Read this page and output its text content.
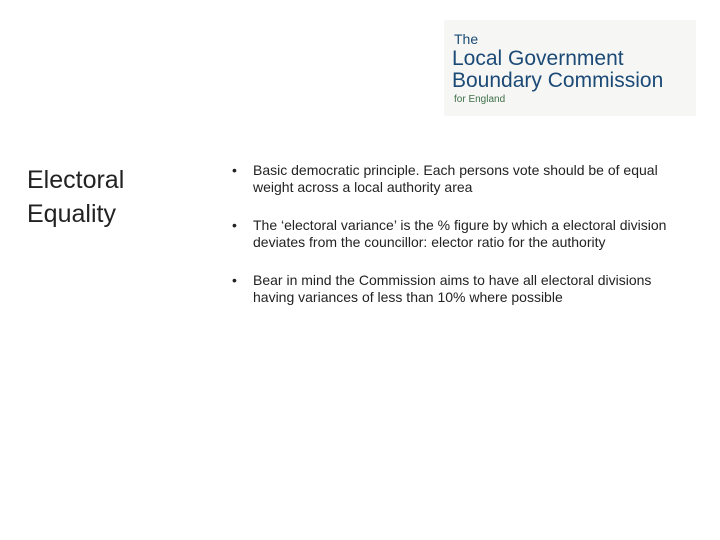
The
Local Government
Boundary Commission
for England
Electoral
Equality
• Basic democratic principle. Each persons vote should be of equal weight across a local authority area
• The ‘electoral variance’ is the % figure by which a electoral division deviates from the councillor: elector ratio for the authority
• Bear in mind the Commission aims to have all electoral divisions having variances of less than 10% where possible
